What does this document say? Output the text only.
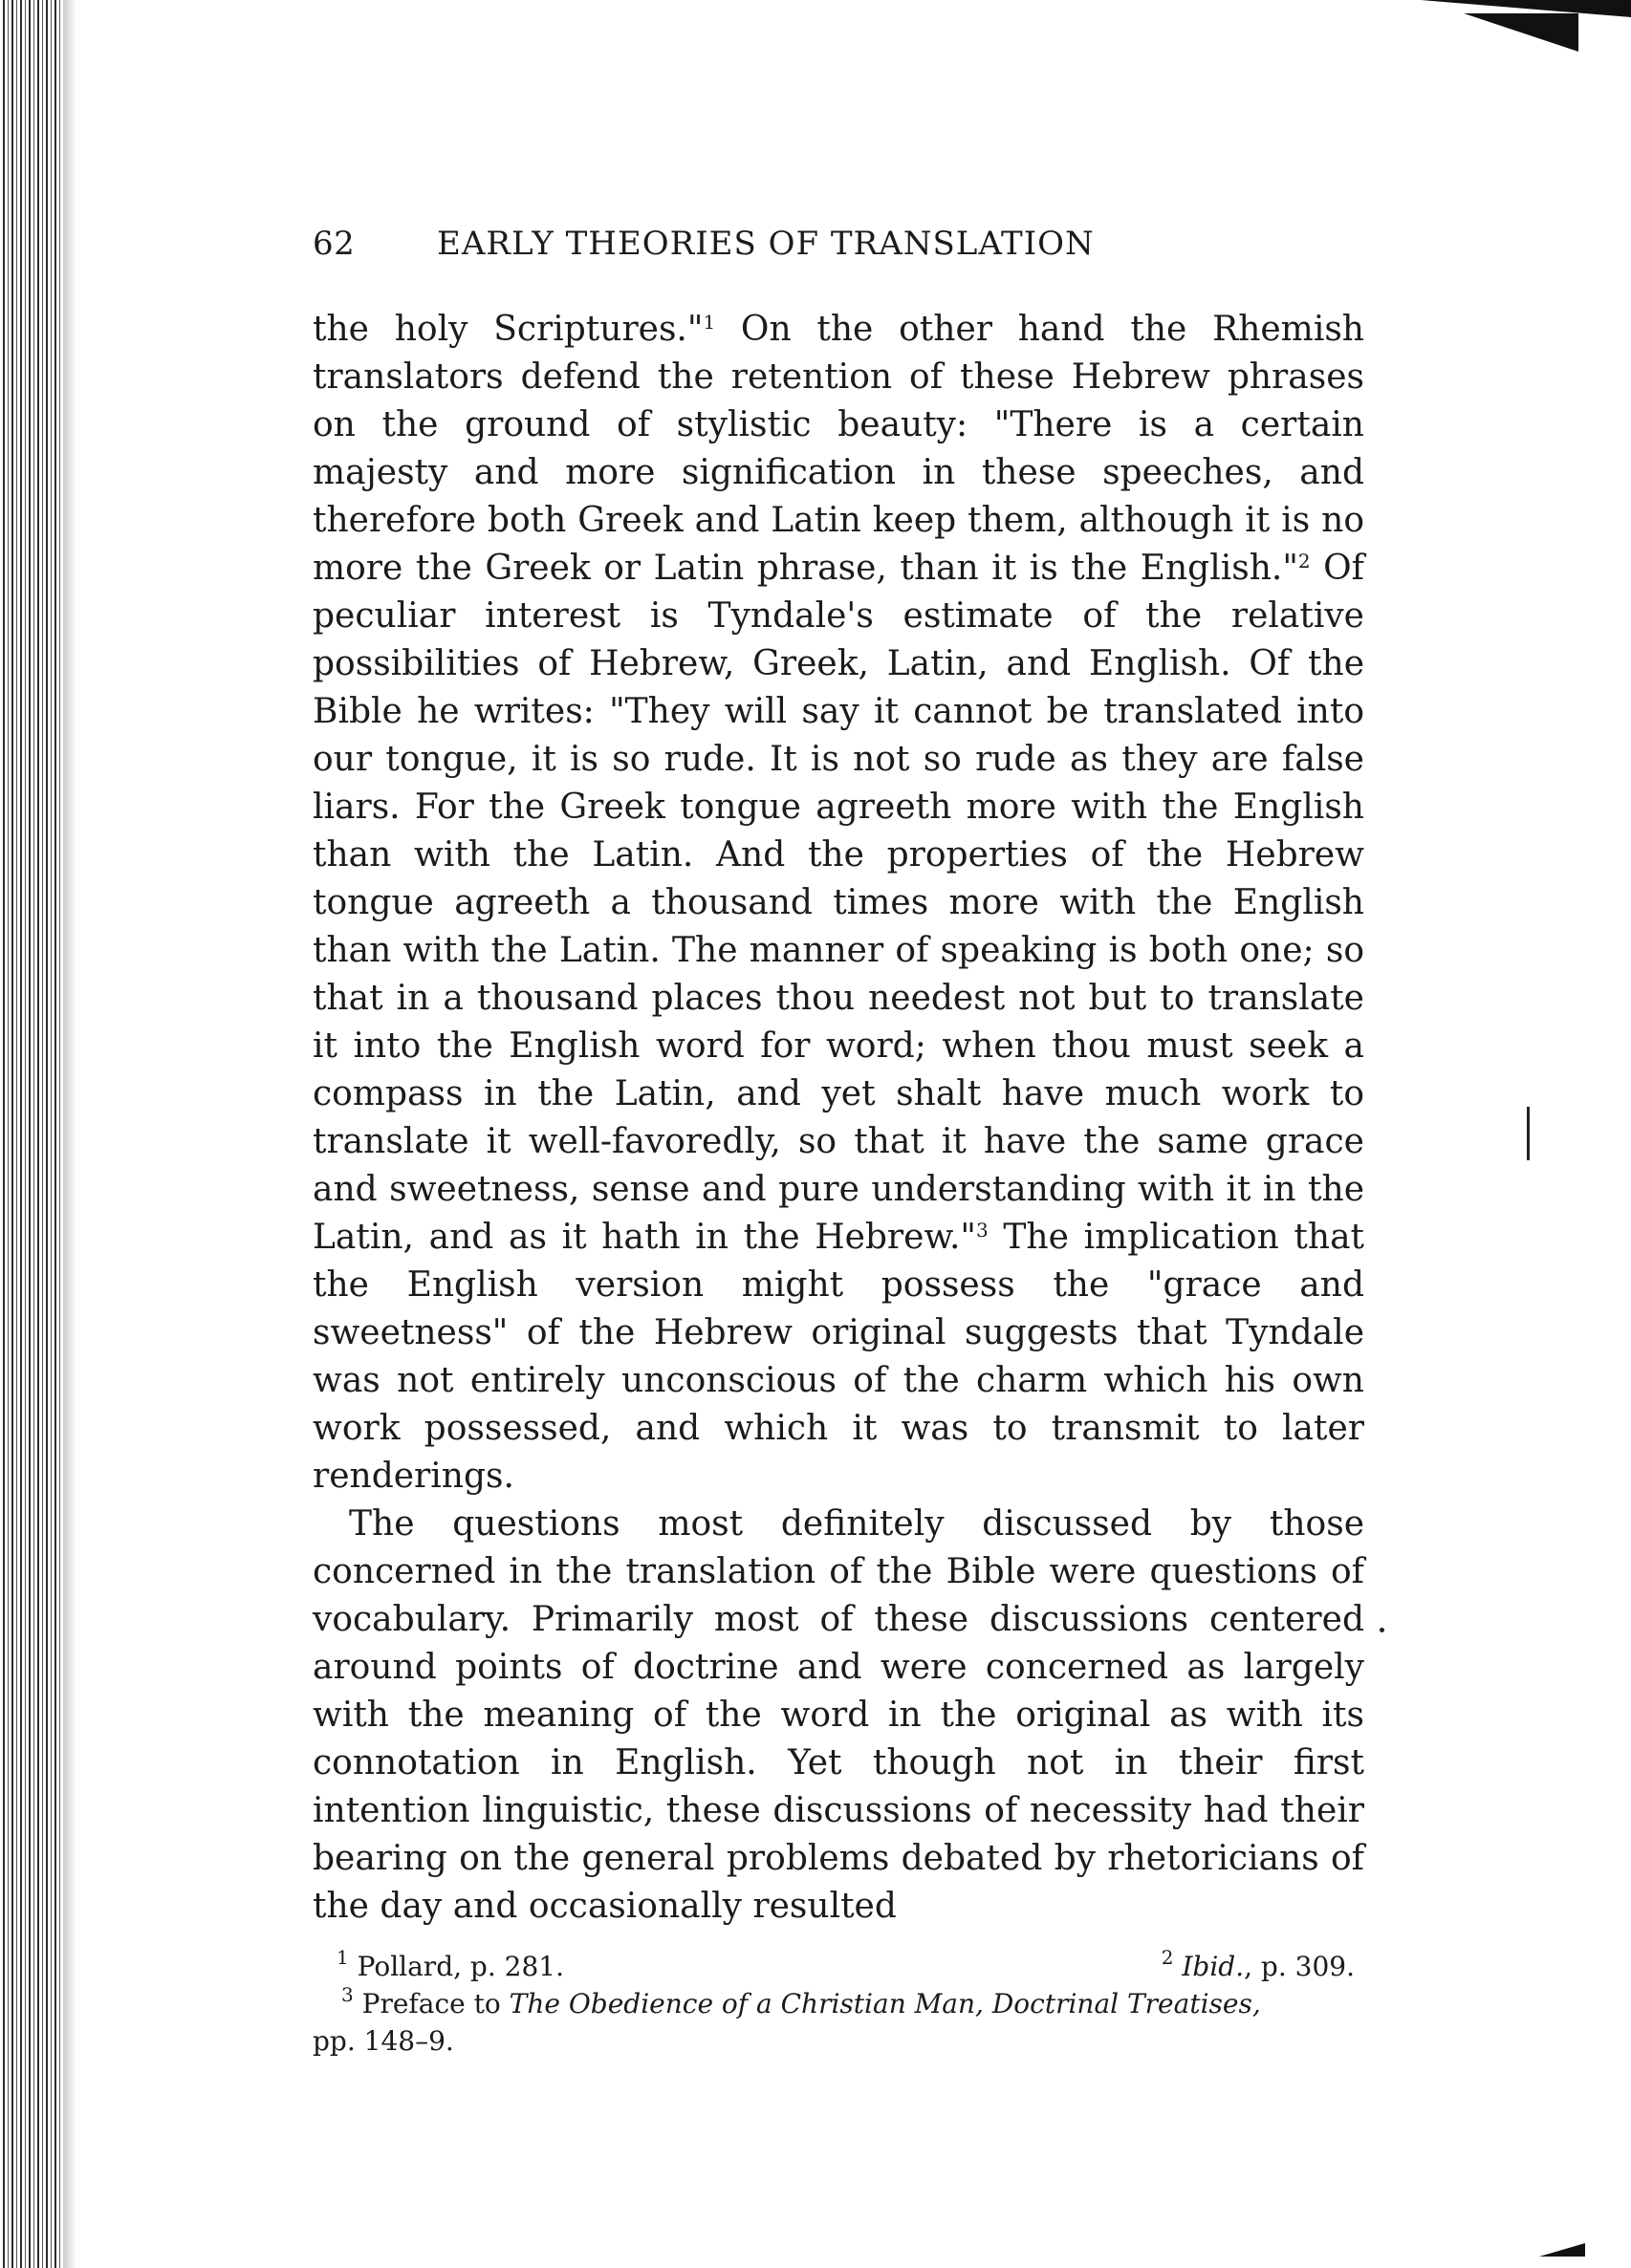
62	EARLY THEORIES OF TRANSLATION

the holy Scriptures."$^1$ On the other hand the Rhemish translators defend the retention of these Hebrew phrases on the ground of stylistic beauty: "There is a certain majesty and more signification in these speeches, and therefore both Greek and Latin keep them, although it is no more the Greek or Latin phrase, than it is the English."$^2$ Of peculiar interest is Tyndale's estimate of the relative possibilities of Hebrew, Greek, Latin, and English. Of the Bible he writes: "They will say it cannot be translated into our tongue, it is so rude. It is not so rude as they are false liars. For the Greek tongue agreeth more with the English than with the Latin. And the properties of the Hebrew tongue agreeth a thousand times more with the English than with the Latin. The manner of speaking is both one; so that in a thousand places thou needest not but to translate it into the English word for word; when thou must seek a compass in the Latin, and yet shalt have much work to translate it well-favoredly, so that it have the same grace and sweetness, sense and pure understanding with it in the Latin, and as it hath in the Hebrew."$^3$ The implication that the English version might possess the "grace and sweetness" of the Hebrew original suggests that Tyndale was not entirely unconscious of the charm which his own work possessed, and which it was to transmit to later renderings.

The questions most definitely discussed by those concerned in the translation of the Bible were questions of vocabulary. Primarily most of these discussions centered around points of doctrine and were concerned as largely with the meaning of the word in the original as with its connotation in English. Yet though not in their first intention linguistic, these discussions of necessity had their bearing on the general problems debated by rhetoricians of the day and occasionally resulted

$^1$ Pollard, p. 281.	$^2$ Ibid., p. 309.
$^3$ Preface to The Obedience of a Christian Man, Doctrinal Treatises,
pp. 148–9.
